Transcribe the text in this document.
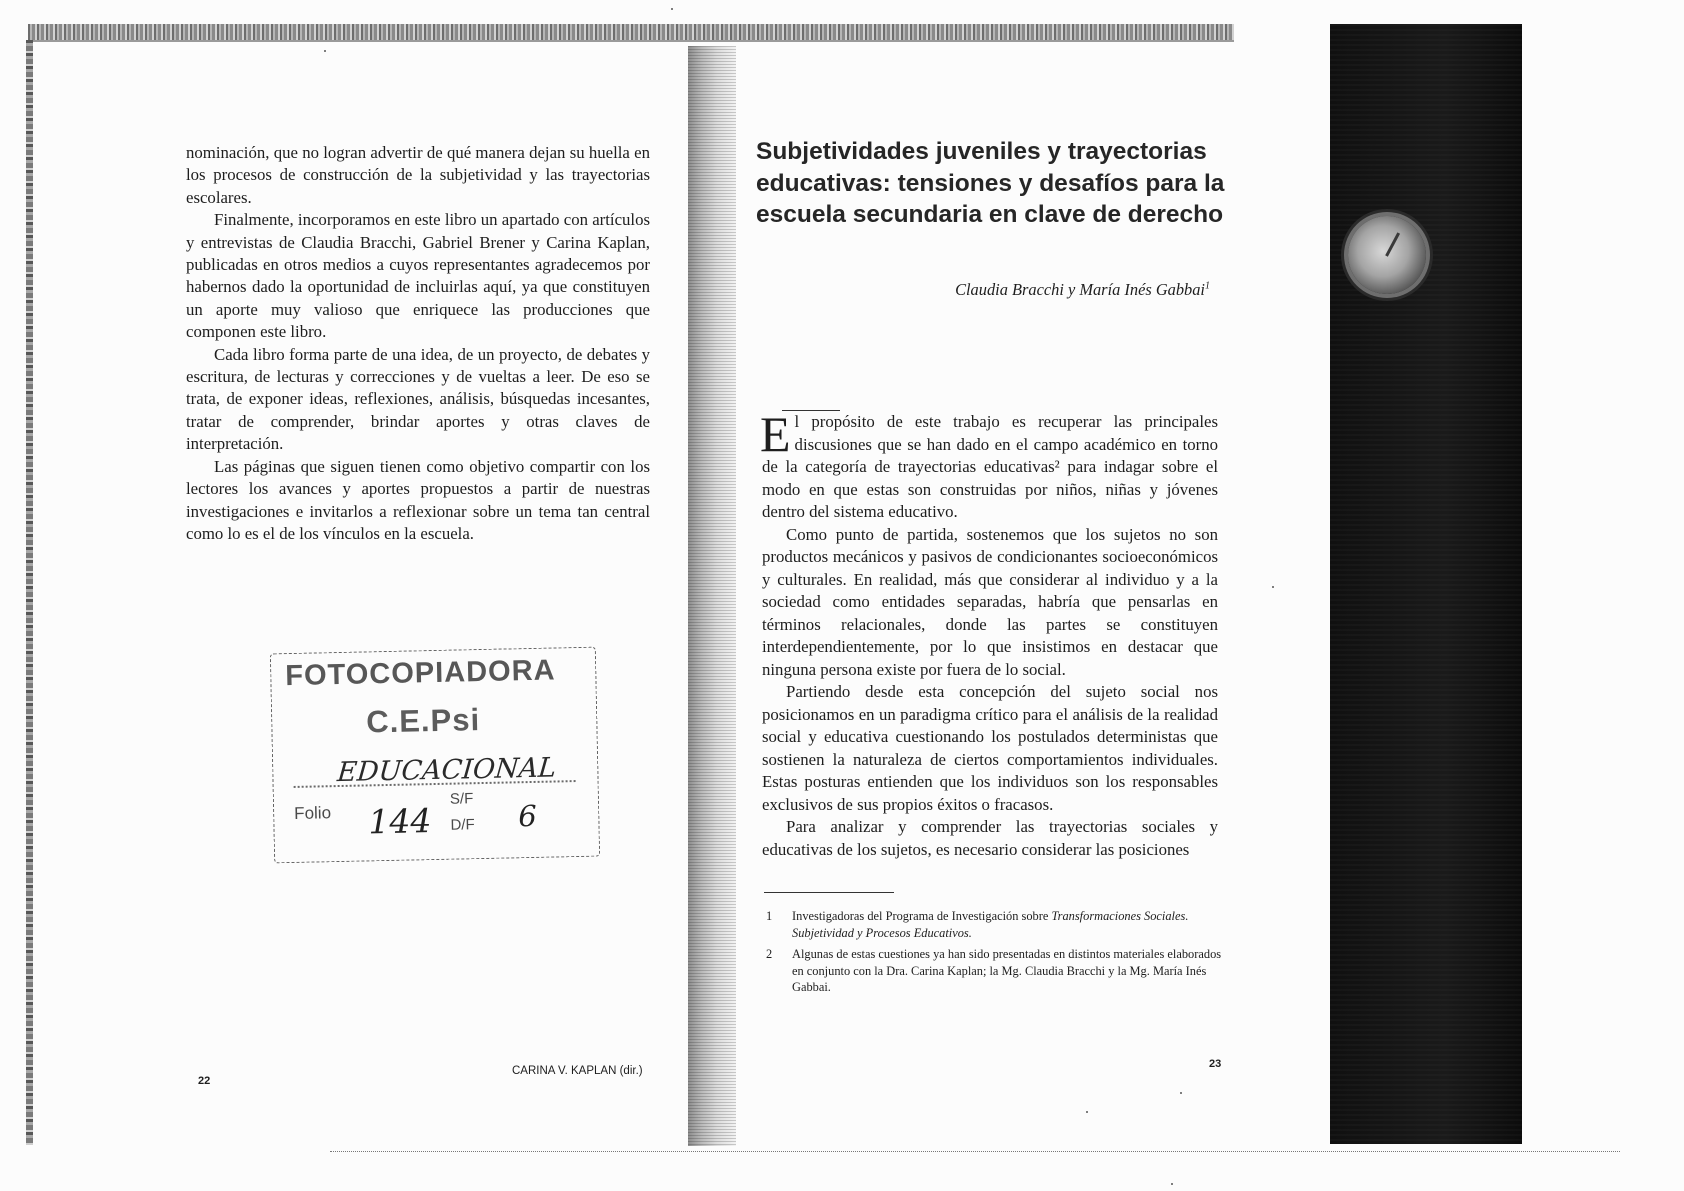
nominación, que no logran advertir de qué manera dejan su huella en los procesos de construcción de la subjetividad y las trayectorias escolares.

Finalmente, incorporamos en este libro un apartado con artículos y entrevistas de Claudia Bracchi, Gabriel Brener y Carina Kaplan, publicadas en otros medios a cuyos representantes agradecemos por habernos dado la oportunidad de incluirlas aquí, ya que constituyen un aporte muy valioso que enriquece las producciones que componen este libro.

Cada libro forma parte de una idea, de un proyecto, de debates y escritura, de lecturas y correcciones y de vueltas a leer. De eso se trata, de exponer ideas, reflexiones, análisis, búsquedas incesantes, tratar de comprender, brindar aportes y otras claves de interpretación.

Las páginas que siguen tienen como objetivo compartir con los lectores los avances y aportes propuestos a partir de nuestras investigaciones e invitarlos a reflexionar sobre un tema tan central como lo es el de los vínculos en la escuela.

FOTOCOPIADORA
C.E.Psi
EDUCACIONAL
Folio 144
S/F
D/F 6
22
CARINA V. KAPLAN (dir.)
Subjetividades juveniles y trayectorias educativas: tensiones y desafíos para la escuela secundaria en clave de derecho
Claudia Bracchi y María Inés Gabbai$^1$

El propósito de este trabajo es recuperar las principales discusiones que se han dado en el campo académico en torno de la categoría de trayectorias educativas² para indagar sobre el modo en que estas son construidas por niños, niñas y jóvenes dentro del sistema educativo.

Como punto de partida, sostenemos que los sujetos no son productos mecánicos y pasivos de condicionantes socioeconómicos y culturales. En realidad, más que considerar al individuo y a la sociedad como entidades separadas, habría que pensarlas en términos relacionales, donde las partes se constituyen interdependientemente, por lo que insistimos en destacar que ninguna persona existe por fuera de lo social.

Partiendo desde esta concepción del sujeto social nos posicionamos en un paradigma crítico para el análisis de la realidad social y educativa cuestionando los postulados deterministas que sostienen la naturaleza de ciertos comportamientos individuales. Estas posturas entienden que los individuos son los responsables exclusivos de sus propios éxitos o fracasos.

Para analizar y comprender las trayectorias sociales y educativas de los sujetos, es necesario considerar las posiciones

1 Investigadoras del Programa de Investigación sobre Transformaciones Sociales. Subjetividad y Procesos Educativos.
2 Algunas de estas cuestiones ya han sido presentadas en distintos materiales elaborados en conjunto con la Dra. Carina Kaplan; la Mg. Claudia Bracchi y la Mg. María Inés Gabbai.
23
